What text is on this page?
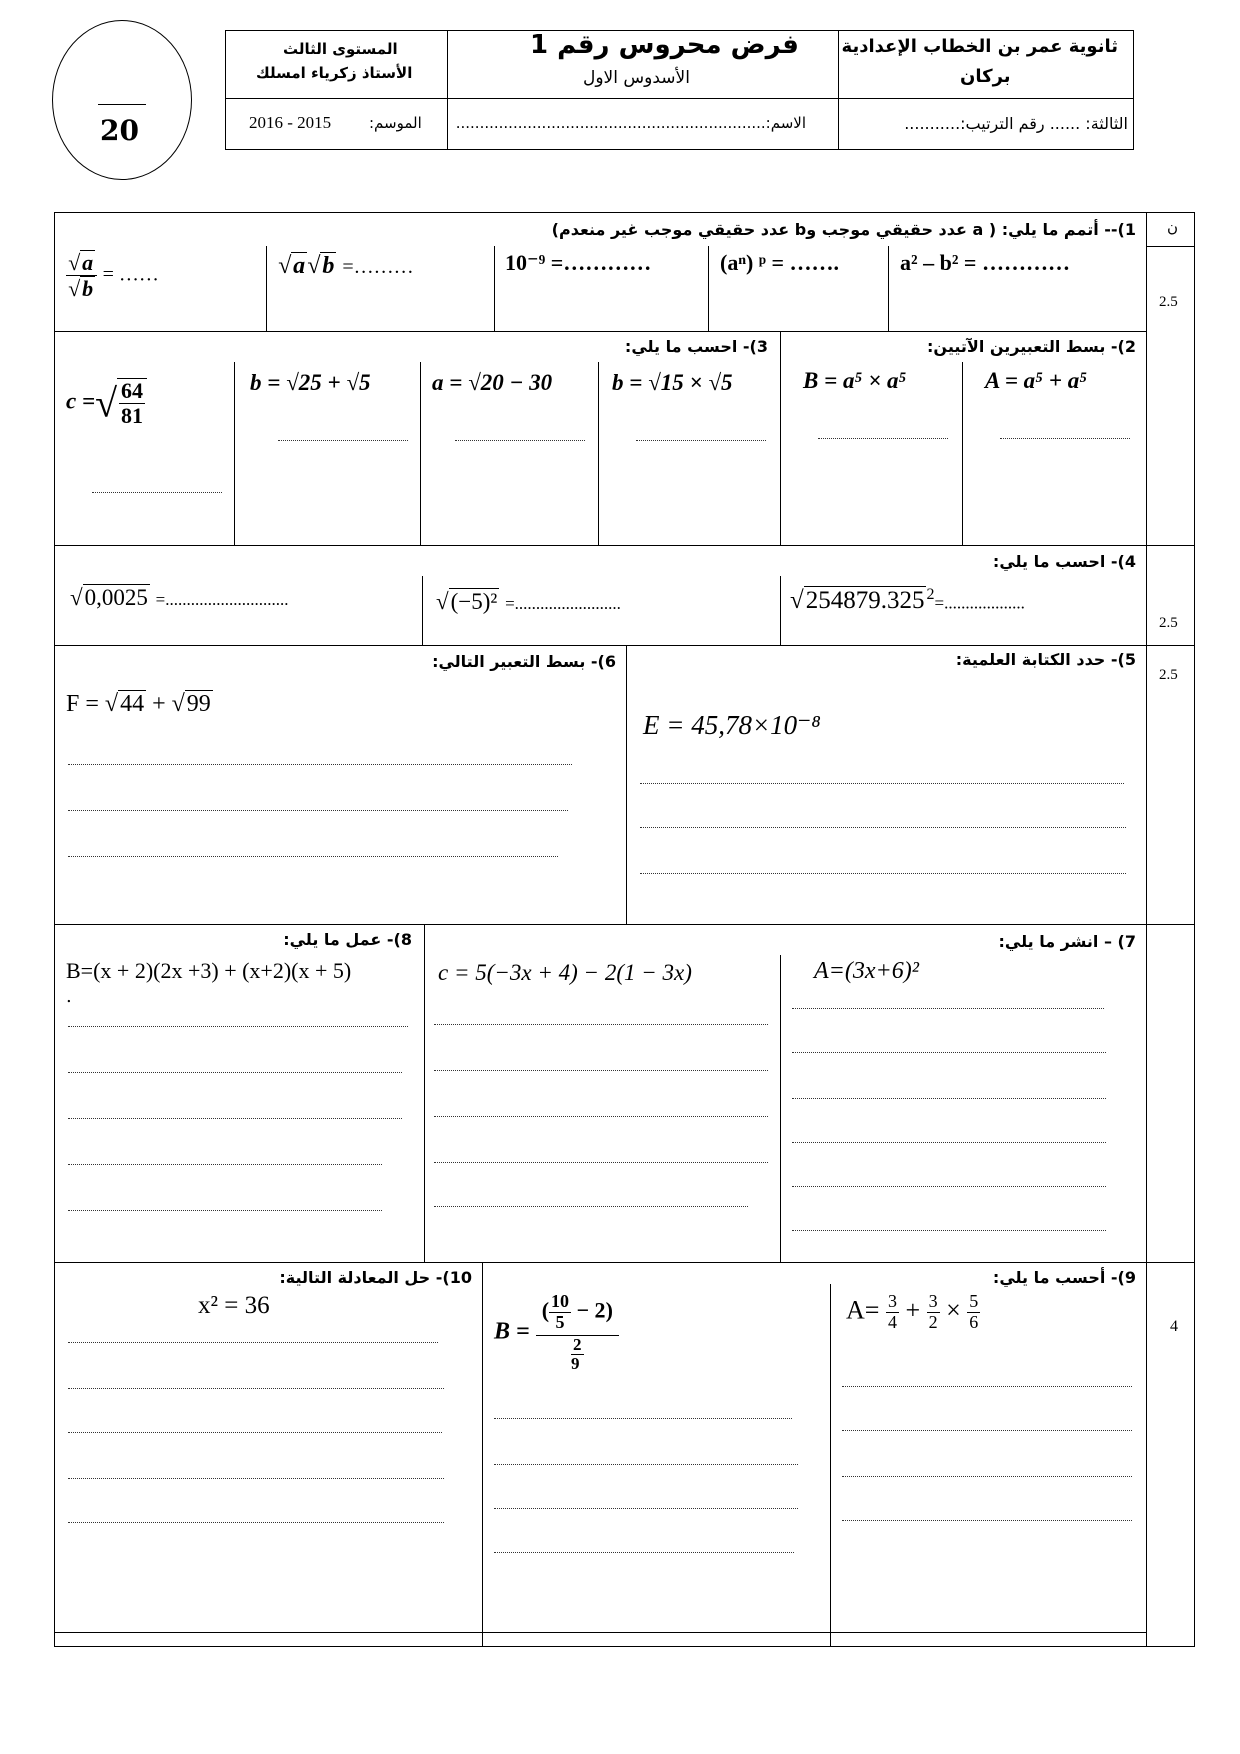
20
ثانوية عمر بن الخطاب الإعدادية
بركان
فرض محروس رقم 1
الأسدوس الاول
المستوى الثالث
الأستاذ زكرياء امسلك
الثالثة: ...... رقم الترتيب:...........
الاسم:.................................................................
الموسم:
2016 - 2015
ن
2.5
2.5
2.5
4
1)-- أتمم ما يلي: ( a عدد حقيقي موجب وb عدد حقيقي موجب غير منعدم)
a² – b² = …………
(aⁿ) ᵖ = …….
10⁻⁹ =…………
√a√b =………
$\frac{√a}{√b}$ = ……
2)- بسط التعبيرين الآتيين:
3)- احسب ما يلي:
A = a⁵ + a⁵
B = a⁵ × a⁵
b = √15 × √5
a = √20 − 30
b = √25 + √5
c =√ $\frac{64}{81}$
4)- احسب ما يلي:
√254879.325 $^2$=...................
√(−5)² =.........................
√0,0025 =.............................
5)- حدد الكتابة العلمية:
6)- بسط التعبير التالي:
E = 45,78×10⁻⁸
F = √44 + √99
7) – انشر ما يلي:
8)- عمل ما يلي:
A=(3x+6)²
c = 5(−3x + 4) − 2(1 − 3x)
B=(x + 2)(2x +3) + (x+2)(x + 5)
.
9)- أحسب ما يلي:
10)- حل المعادلة التالية:
$A= \frac{3}{4} + \frac{3}{2} \times \frac{5}{6}$
$B = \frac{( \frac{10}{5} - 2)}{\frac{2}{9}}$
x² = 36
